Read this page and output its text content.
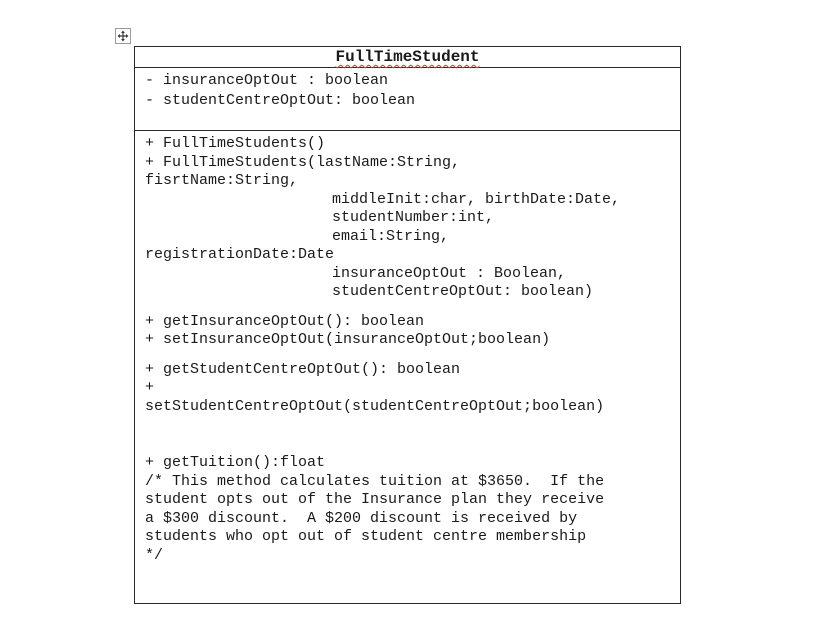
FullTimeStudent
- insuranceOptOut : boolean
- studentCentreOptOut: boolean
+ FullTimeStudents()
+ FullTimeStudents(lastName:String,
fisrtName:String,
middleInit:char, birthDate:Date,
studentNumber:int,
email:String,
registrationDate:Date
insuranceOptOut : Boolean,
studentCentreOptOut: boolean)
+ getInsuranceOptOut(): boolean
+ setInsuranceOptOut(insuranceOptOut;boolean)
+ getStudentCentreOptOut(): boolean
+
setStudentCentreOptOut(studentCentreOptOut;boolean)
+ getTuition():float
/* This method calculates tuition at $3650.  If the
student opts out of the Insurance plan they receive
a $300 discount.  A $200 discount is received by
students who opt out of student centre membership
*/
